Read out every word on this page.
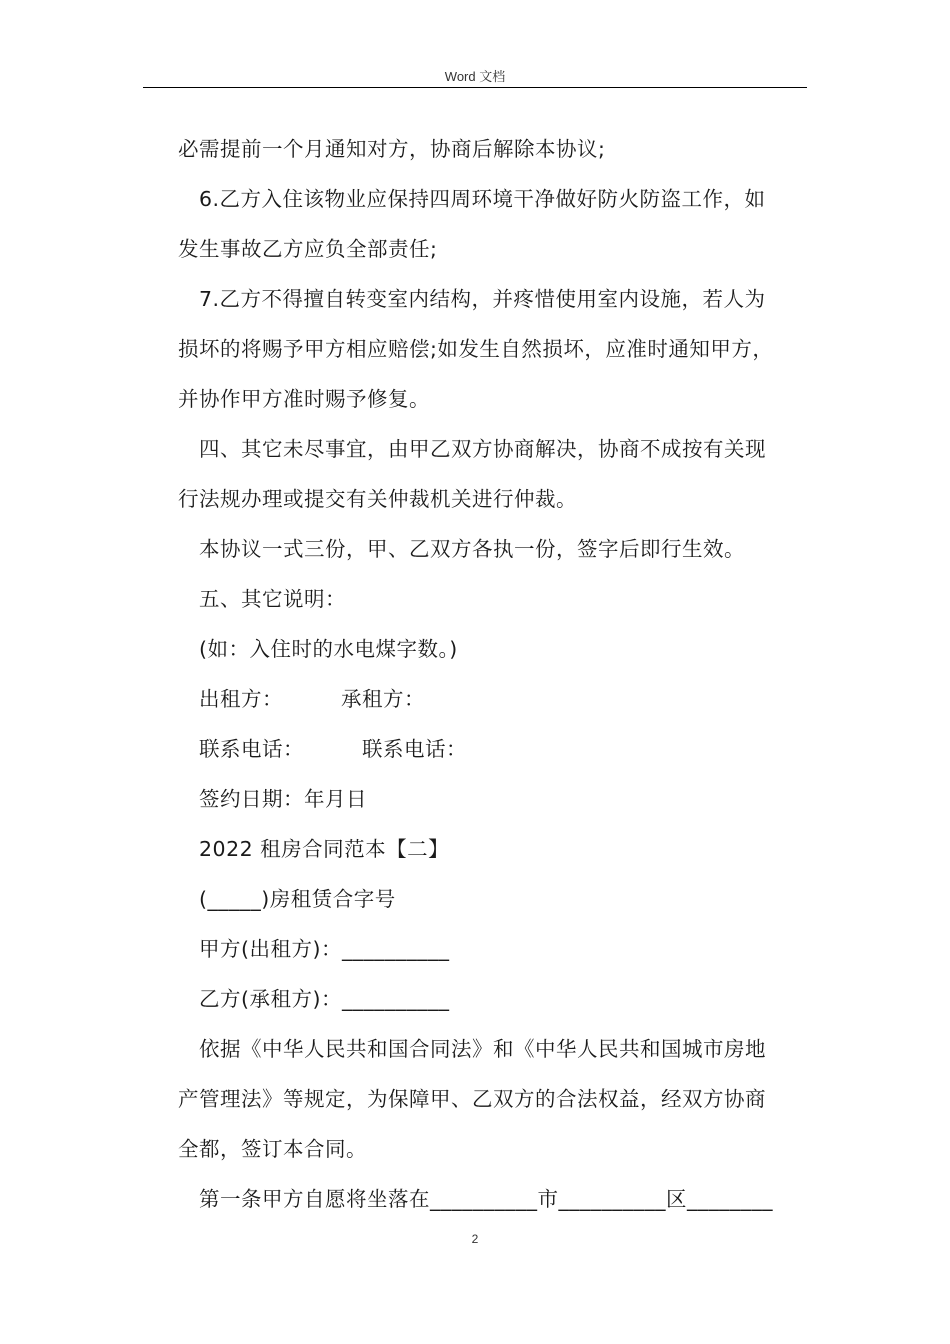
Word 文档

必需提前一个月通知对方，协商后解除本协议;

6.乙方入住该物业应保持四周环境干净做好防火防盗工作，如

发生事故乙方应负全部责任;

7.乙方不得擅自转变室内结构，并疼惜使用室内设施，若人为

损坏的将赐予甲方相应赔偿;如发生自然损坏，应准时通知甲方，

并协作甲方准时赐予修复。

四、其它未尽事宜，由甲乙双方协商解决，协商不成按有关现

行法规办理或提交有关仲裁机关进行仲裁。

本协议一式三份，甲、乙双方各执一份，签字后即行生效。

五、其它说明：

(如：入住时的水电煤字数。)

出租方：	承租方：

联系电话：	联系电话：

签约日期：年月日

2022 租房合同范本【二】

(_____)房租赁合字号

甲方(出租方)：__________

乙方(承租方)：__________

依据《中华人民共和国合同法》和《中华人民共和国城市房地

产管理法》等规定，为保障甲、乙双方的合法权益，经双方协商

全都，签订本合同。

第一条甲方自愿将坐落在__________市__________区________

2
